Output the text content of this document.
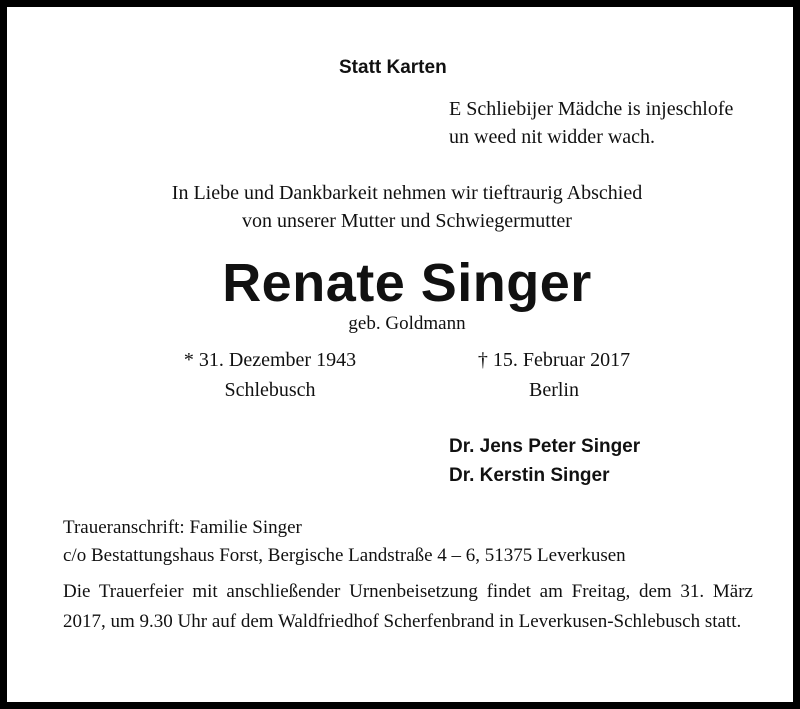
Statt Karten
E Schliebijer Mädche is injeschlofe
un weed nit widder wach.
In Liebe und Dankbarkeit nehmen wir tieftraurig Abschied
von unserer Mutter und Schwiegermutter
Renate Singer
geb. Goldmann
* 31. Dezember 1943	† 15. Februar 2017
Schlebusch	Berlin
Dr. Jens Peter Singer
Dr. Kerstin Singer
Traueranschrift: Familie Singer
c/o Bestattungshaus Forst, Bergische Landstraße 4 – 6, 51375 Leverkusen
Die Trauerfeier mit anschließender Urnenbeisetzung findet am Freitag, dem 31. März 2017, um 9.30 Uhr auf dem Waldfriedhof Scherfenbrand in Leverkusen-Schlebusch statt.
